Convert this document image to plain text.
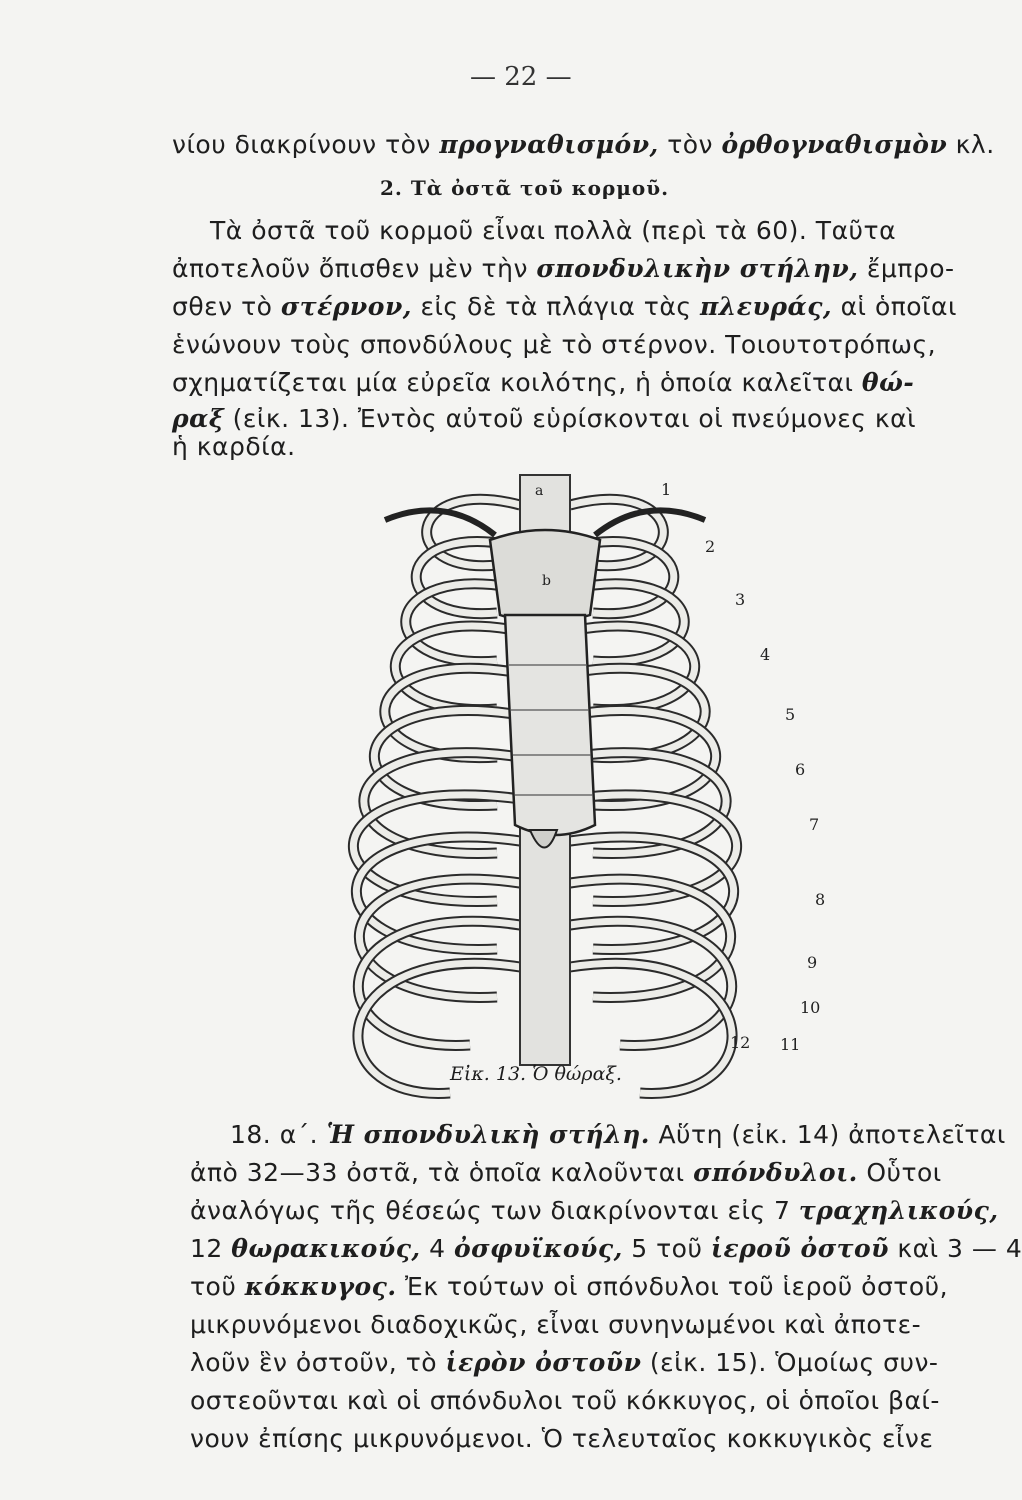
— 22 —
νίου διακρίνουν τὸν προγναθισμόν, τὸν ὀρθογναθισμὸν κλ.
2. Τὰ ὀστᾶ τοῦ κορμοῦ.
Τὰ ὀστᾶ τοῦ κορμοῦ εἶναι πολλὰ (περὶ τὰ 60). Ταῦτα
ἀποτελοῦν ὄπισθεν μὲν τὴν σπονδυλικὴν στήλην, ἔμπρο-
σθεν τὸ στέρνον, εἰς δὲ τὰ πλάγια τὰς πλευράς, αἱ ὁποῖαι
ἑνώνουν τοὺς σπονδύλους μὲ τὸ στέρνον. Τοιουτοτρόπως,
σχηματίζεται μία εὐρεῖα κοιλότης, ἡ ὁποία καλεῖται θώ-
ραξ (εἰκ. 13). Ἐντὸς αὐτοῦ εὑρίσκονται οἱ πνεύμονες καὶ
ἡ καρδία.
a
b
1
2
3
4
5
6
7
8
9
10
11
12
Εἰκ. 13. Ὁ θώραξ.
18. α΄. Ἡ σπονδυλικὴ στήλη. Αὕτη (εἰκ. 14) ἀποτελεῖται
ἀπὸ 32—33 ὀστᾶ, τὰ ὁποῖα καλοῦνται σπόνδυλοι. Οὗτοι
ἀναλόγως τῆς θέσεώς των διακρίνονται εἰς 7 τραχηλικούς,
12 θωρακικούς, 4 ὀσφυϊκούς, 5 τοῦ ἱεροῦ ὀστοῦ καὶ 3 — 4
τοῦ κόκκυγος. Ἐκ τούτων οἱ σπόνδυλοι τοῦ ἱεροῦ ὀστοῦ,
μικρυνόμενοι διαδοχικῶς, εἶναι συνηνωμένοι καὶ ἀποτε-
λοῦν ἓν ὀστοῦν, τὸ ἱερὸν ὀστοῦν (εἰκ. 15). Ὁμοίως συν-
οστεοῦνται καὶ οἱ σπόνδυλοι τοῦ κόκκυγος, οἱ ὁποῖοι βαί-
νουν ἐπίσης μικρυνόμενοι. Ὁ τελευταῖος κοκκυγικὸς εἶνε
